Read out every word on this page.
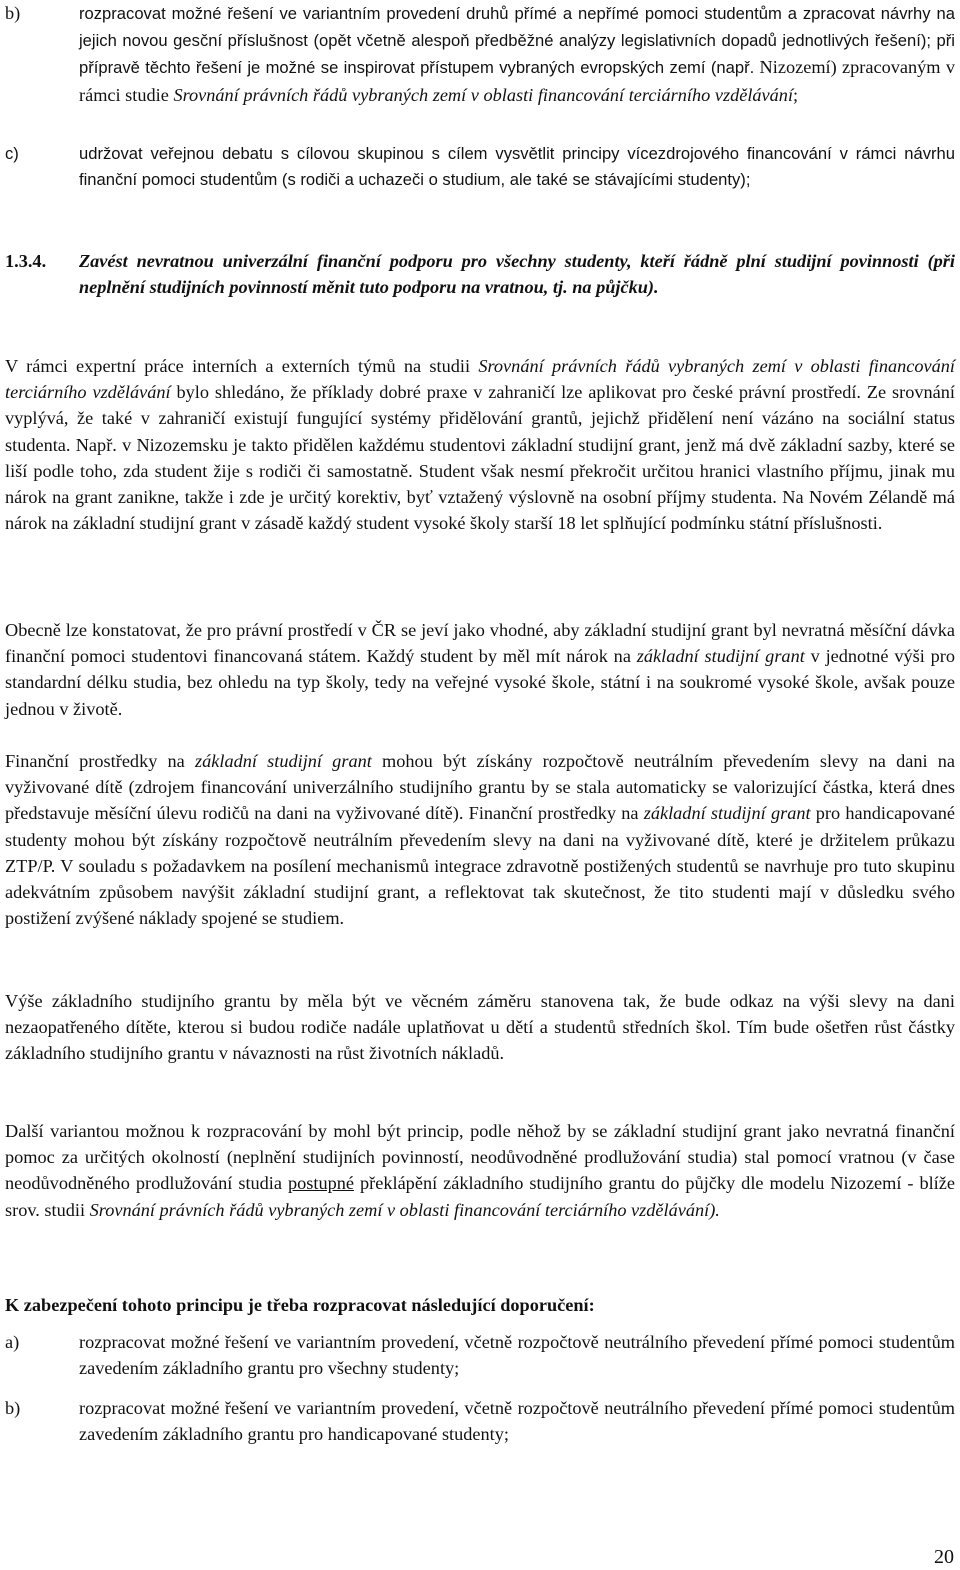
b)	rozpracovat možné řešení ve variantním provedení druhů přímé a nepřímé pomoci studentům a zpracovat návrhy na jejich novou gesční příslušnost (opět včetně alespoň předběžné analýzy legislativních dopadů jednotlivých řešení); při přípravě těchto řešení je možné se inspirovat přístupem vybraných evropských zemí (např. Nizozemí) zpracovaným v rámci studie Srovnání právních řádů vybraných zemí v oblasti financování terciárního vzdělávání;
c)	udržovat veřejnou debatu s cílovou skupinou s cílem vysvětlit principy vícezdrojového financování v rámci návrhu finanční pomoci studentům (s rodiči a uchazeči o studium, ale také se stávajícími studenty);
1.3.4. Zavést nevratnou univerzální finanční podporu pro všechny studenty, kteří řádně plní studijní povinnosti (při neplnění studijních povinností měnit tuto podporu na vratnou, tj. na půjčku).
V rámci expertní práce interních a externích týmů na studii Srovnání právních řádů vybraných zemí v oblasti financování terciárního vzdělávání bylo shledáno, že příklady dobré praxe v zahraničí lze aplikovat pro české právní prostředí. Ze srovnání vyplývá, že také v zahraničí existují fungující systémy přidělování grantů, jejichž přidělení není vázáno na sociální status studenta. Např. v Nizozemsku je takto přidělen každému studentovi základní studijní grant, jenž má dvě základní sazby, které se liší podle toho, zda student žije s rodiči či samostatně. Student však nesmí překročit určitou hranici vlastního příjmu, jinak mu nárok na grant zanikne, takže i zde je určitý korektiv, byť vztažený výslovně na osobní příjmy studenta. Na Novém Zélandě má nárok na základní studijní grant v zásadě každý student vysoké školy starší 18 let splňující podmínku státní příslušnosti.
Obecně lze konstatovat, že pro právní prostředí v ČR se jeví jako vhodné, aby základní studijní grant byl nevratná měsíční dávka finanční pomoci studentovi financovaná státem. Každý student by měl mít nárok na základní studijní grant v jednotné výši pro standardní délku studia, bez ohledu na typ školy, tedy na veřejné vysoké škole, státní i na soukromé vysoké škole, avšak pouze jednou v životě.
Finanční prostředky na základní studijní grant mohou být získány rozpočtově neutrálním převedením slevy na dani na vyživované dítě (zdrojem financování univerzálního studijního grantu by se stala automaticky se valorizující částka, která dnes představuje měsíční úlevu rodičů na dani na vyživované dítě). Finanční prostředky na základní studijní grant pro handicapované studenty mohou být získány rozpočtově neutrálním převedením slevy na dani na vyživované dítě, které je držitelem průkazu ZTP/P. V souladu s požadavkem na posílení mechanismů integrace zdravotně postižených studentů se navrhuje pro tuto skupinu adekvátním způsobem navýšit základní studijní grant, a reflektovat tak skutečnost, že tito studenti mají v důsledku svého postižení zvýšené náklady spojené se studiem.
Výše základního studijního grantu by měla být ve věcném záměru stanovena tak, že bude odkaz na výši slevy na dani nezaopatřeného dítěte, kterou si budou rodiče nadále uplatňovat u dětí a studentů středních škol. Tím bude ošetřen růst částky základního studijního grantu v návaznosti na růst životních nákladů.
Další variantou možnou k rozpracování by mohl být princip, podle něhož by se základní studijní grant jako nevratná finanční pomoc za určitých okolností (neplnění studijních povinností, neodůvodněné prodlužování studia) stal pomocí vratnou (v čase neodůvodněného prodlužování studia postupné překlápění základního studijního grantu do půjčky dle modelu Nizozemí - blíže srov. studii Srovnání právních řádů vybraných zemí v oblasti financování terciárního vzdělávání).
K zabezpečení tohoto principu je třeba rozpracovat následující doporučení:
a)	rozpracovat možné řešení ve variantním provedení, včetně rozpočtově neutrálního převedení přímé pomoci studentům zavedením základního grantu pro všechny studenty;
b)	rozpracovat možné řešení ve variantním provedení, včetně rozpočtově neutrálního převedení přímé pomoci studentům zavedením základního grantu pro handicapované studenty;
20
